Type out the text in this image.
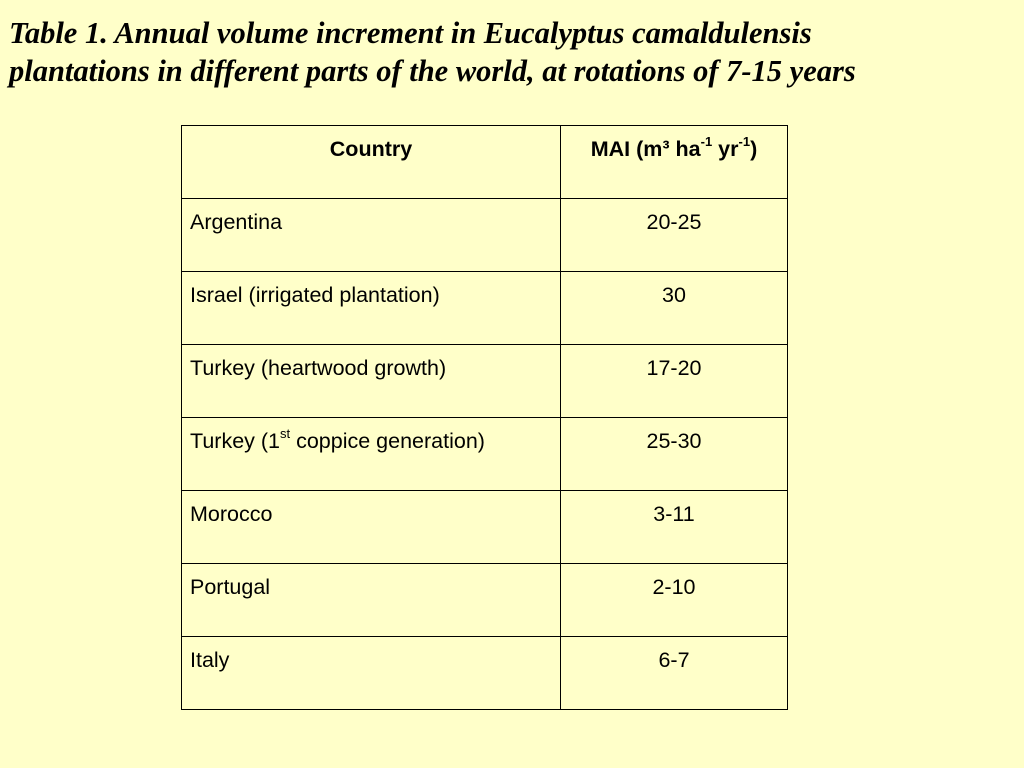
Table 1. Annual volume increment in Eucalyptus camaldulensis
plantations in different parts of the world, at rotations of 7-15 years
Country	MAI (m³ $ha^{-1}$ $yr^{-1}$)
Argentina	20-25
Israel (irrigated plantation)	30
Turkey (heartwood growth)	17-20
Turkey (1st coppice generation)	25-30
Morocco	3-11
Portugal	2-10
Italy	6-7
